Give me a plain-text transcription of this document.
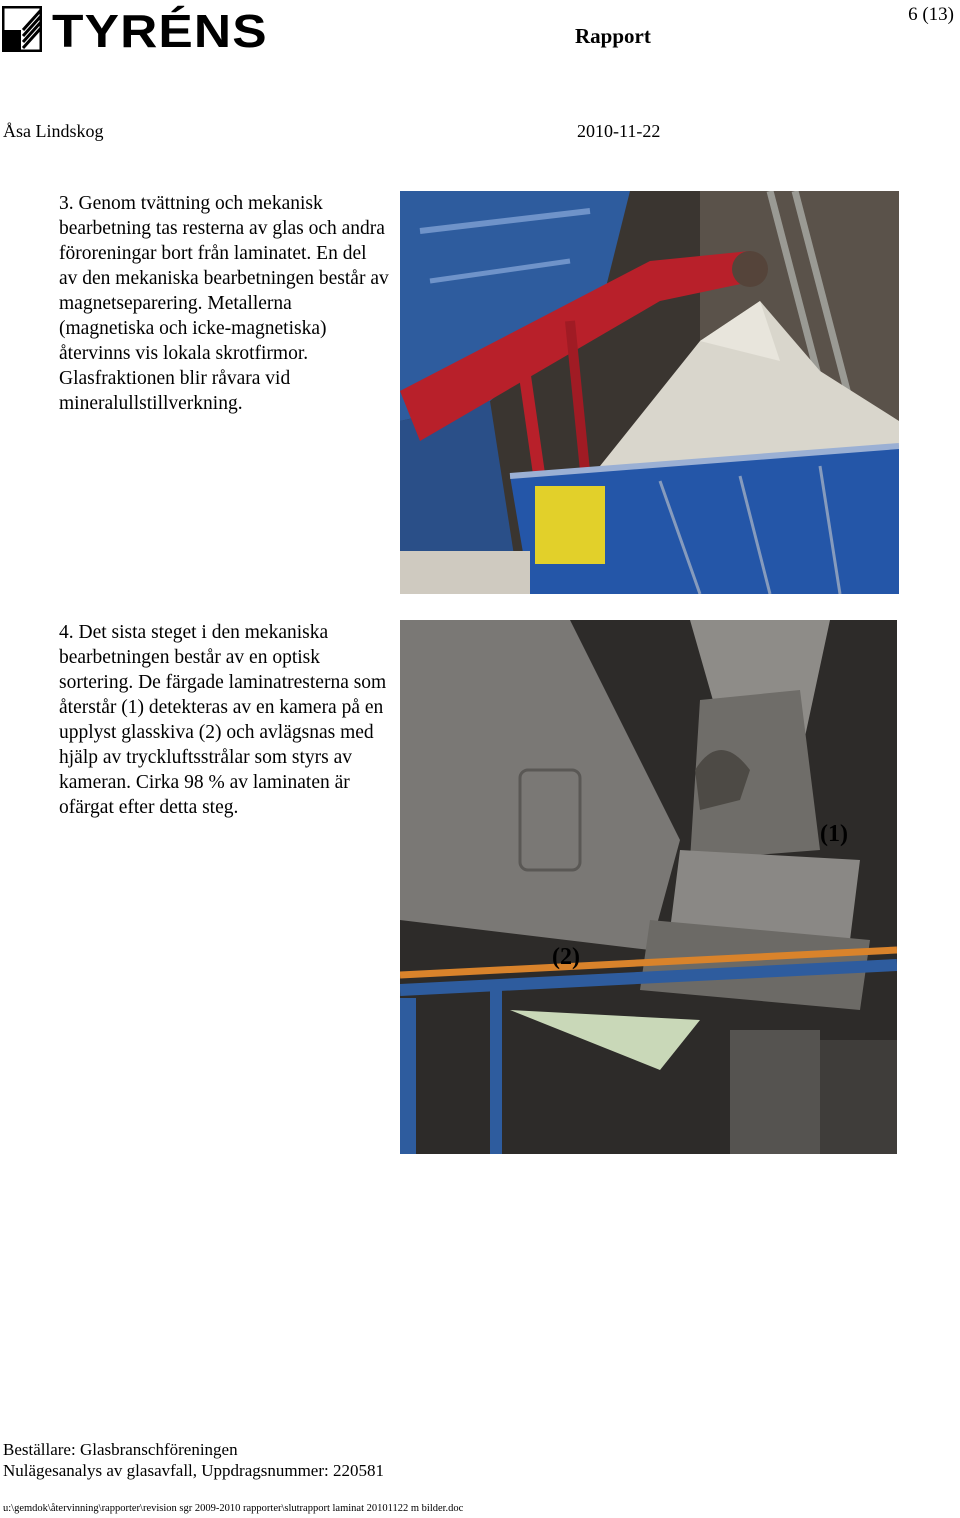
TYRÉNS	Rapport
6 (13)
Åsa Lindskog	2010-11-22
3. Genom tvättning och mekanisk bearbetning tas resterna av glas och andra föroreningar bort från laminatet. En del av den mekaniska bearbetningen består av magnetseparering. Metallerna (magnetiska och icke-magnetiska) återvinns vis lokala skrotfirmor. Glasfraktionen blir råvara vid mineralullstillverkning.
4. Det sista steget i den mekaniska bearbetningen består av en optisk sortering. De färgade laminatresterna som återstår (1) detekteras av en kamera på en upplyst glasskiva (2) och avlägsnas med hjälp av tryckluftsstrålar som styrs av kameran. Cirka 98 % av laminaten är ofärgat efter detta steg.
(1)
(2)
Beställare: Glasbranschföreningen
Nulägesanalys av glasavfall, Uppdragsnummer: 220581
u:\gemdok\återvinning\rapporter\revision sgr 2009-2010 rapporter\slutrapport laminat 20101122 m bilder.doc
